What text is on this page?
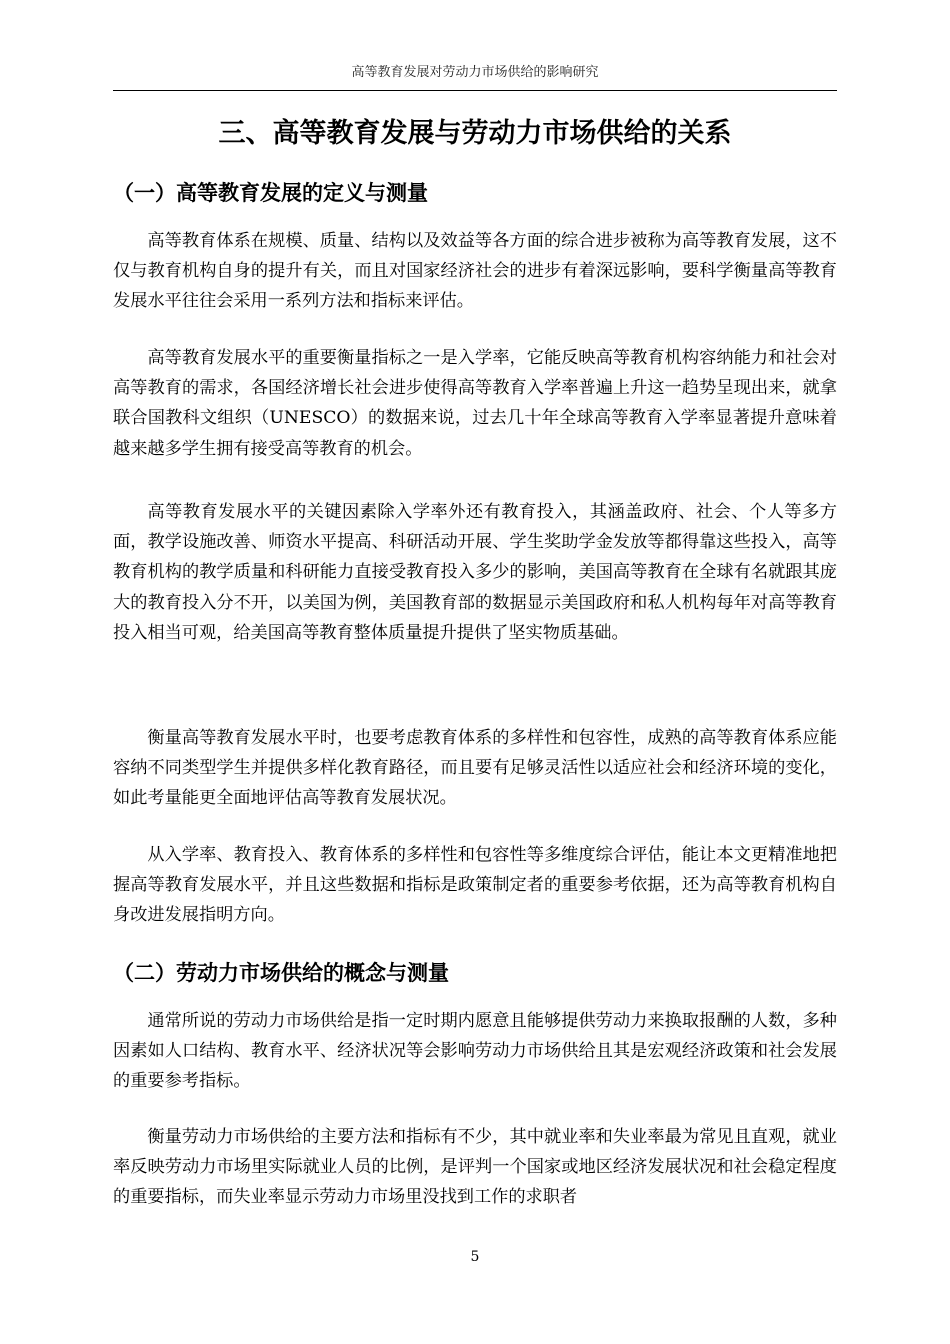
高等教育发展对劳动力市场供给的影响研究
三、高等教育发展与劳动力市场供给的关系
（一）高等教育发展的定义与测量

高等教育体系在规模、质量、结构以及效益等各方面的综合进步被称为高等教育发展，这不仅与教育机构自身的提升有关，而且对国家经济社会的进步有着深远影响，要科学衡量高等教育发展水平往往会采用一系列方法和指标来评估。

高等教育发展水平的重要衡量指标之一是入学率，它能反映高等教育机构容纳能力和社会对高等教育的需求，各国经济增长社会进步使得高等教育入学率普遍上升这一趋势呈现出来，就拿联合国教科文组织（UNESCO）的数据来说，过去几十年全球高等教育入学率显著提升意味着越来越多学生拥有接受高等教育的机会。

高等教育发展水平的关键因素除入学率外还有教育投入，其涵盖政府、社会、个人等多方面，教学设施改善、师资水平提高、科研活动开展、学生奖助学金发放等都得靠这些投入，高等教育机构的教学质量和科研能力直接受教育投入多少的影响，美国高等教育在全球有名就跟其庞大的教育投入分不开，以美国为例，美国教育部的数据显示美国政府和私人机构每年对高等教育投入相当可观，给美国高等教育整体质量提升提供了坚实物质基础。

衡量高等教育发展水平时，也要考虑教育体系的多样性和包容性，成熟的高等教育体系应能容纳不同类型学生并提供多样化教育路径，而且要有足够灵活性以适应社会和经济环境的变化，如此考量能更全面地评估高等教育发展状况。

从入学率、教育投入、教育体系的多样性和包容性等多维度综合评估，能让本文更精准地把握高等教育发展水平，并且这些数据和指标是政策制定者的重要参考依据，还为高等教育机构自身改进发展指明方向。

（二）劳动力市场供给的概念与测量

通常所说的劳动力市场供给是指一定时期内愿意且能够提供劳动力来换取报酬的人数，多种因素如人口结构、教育水平、经济状况等会影响劳动力市场供给且其是宏观经济政策和社会发展的重要参考指标。

衡量劳动力市场供给的主要方法和指标有不少，其中就业率和失业率最为常见且直观，就业率反映劳动力市场里实际就业人员的比例，是评判一个国家或地区经济发展状况和社会稳定程度的重要指标，而失业率显示劳动力市场里没找到工作的求职者

5
